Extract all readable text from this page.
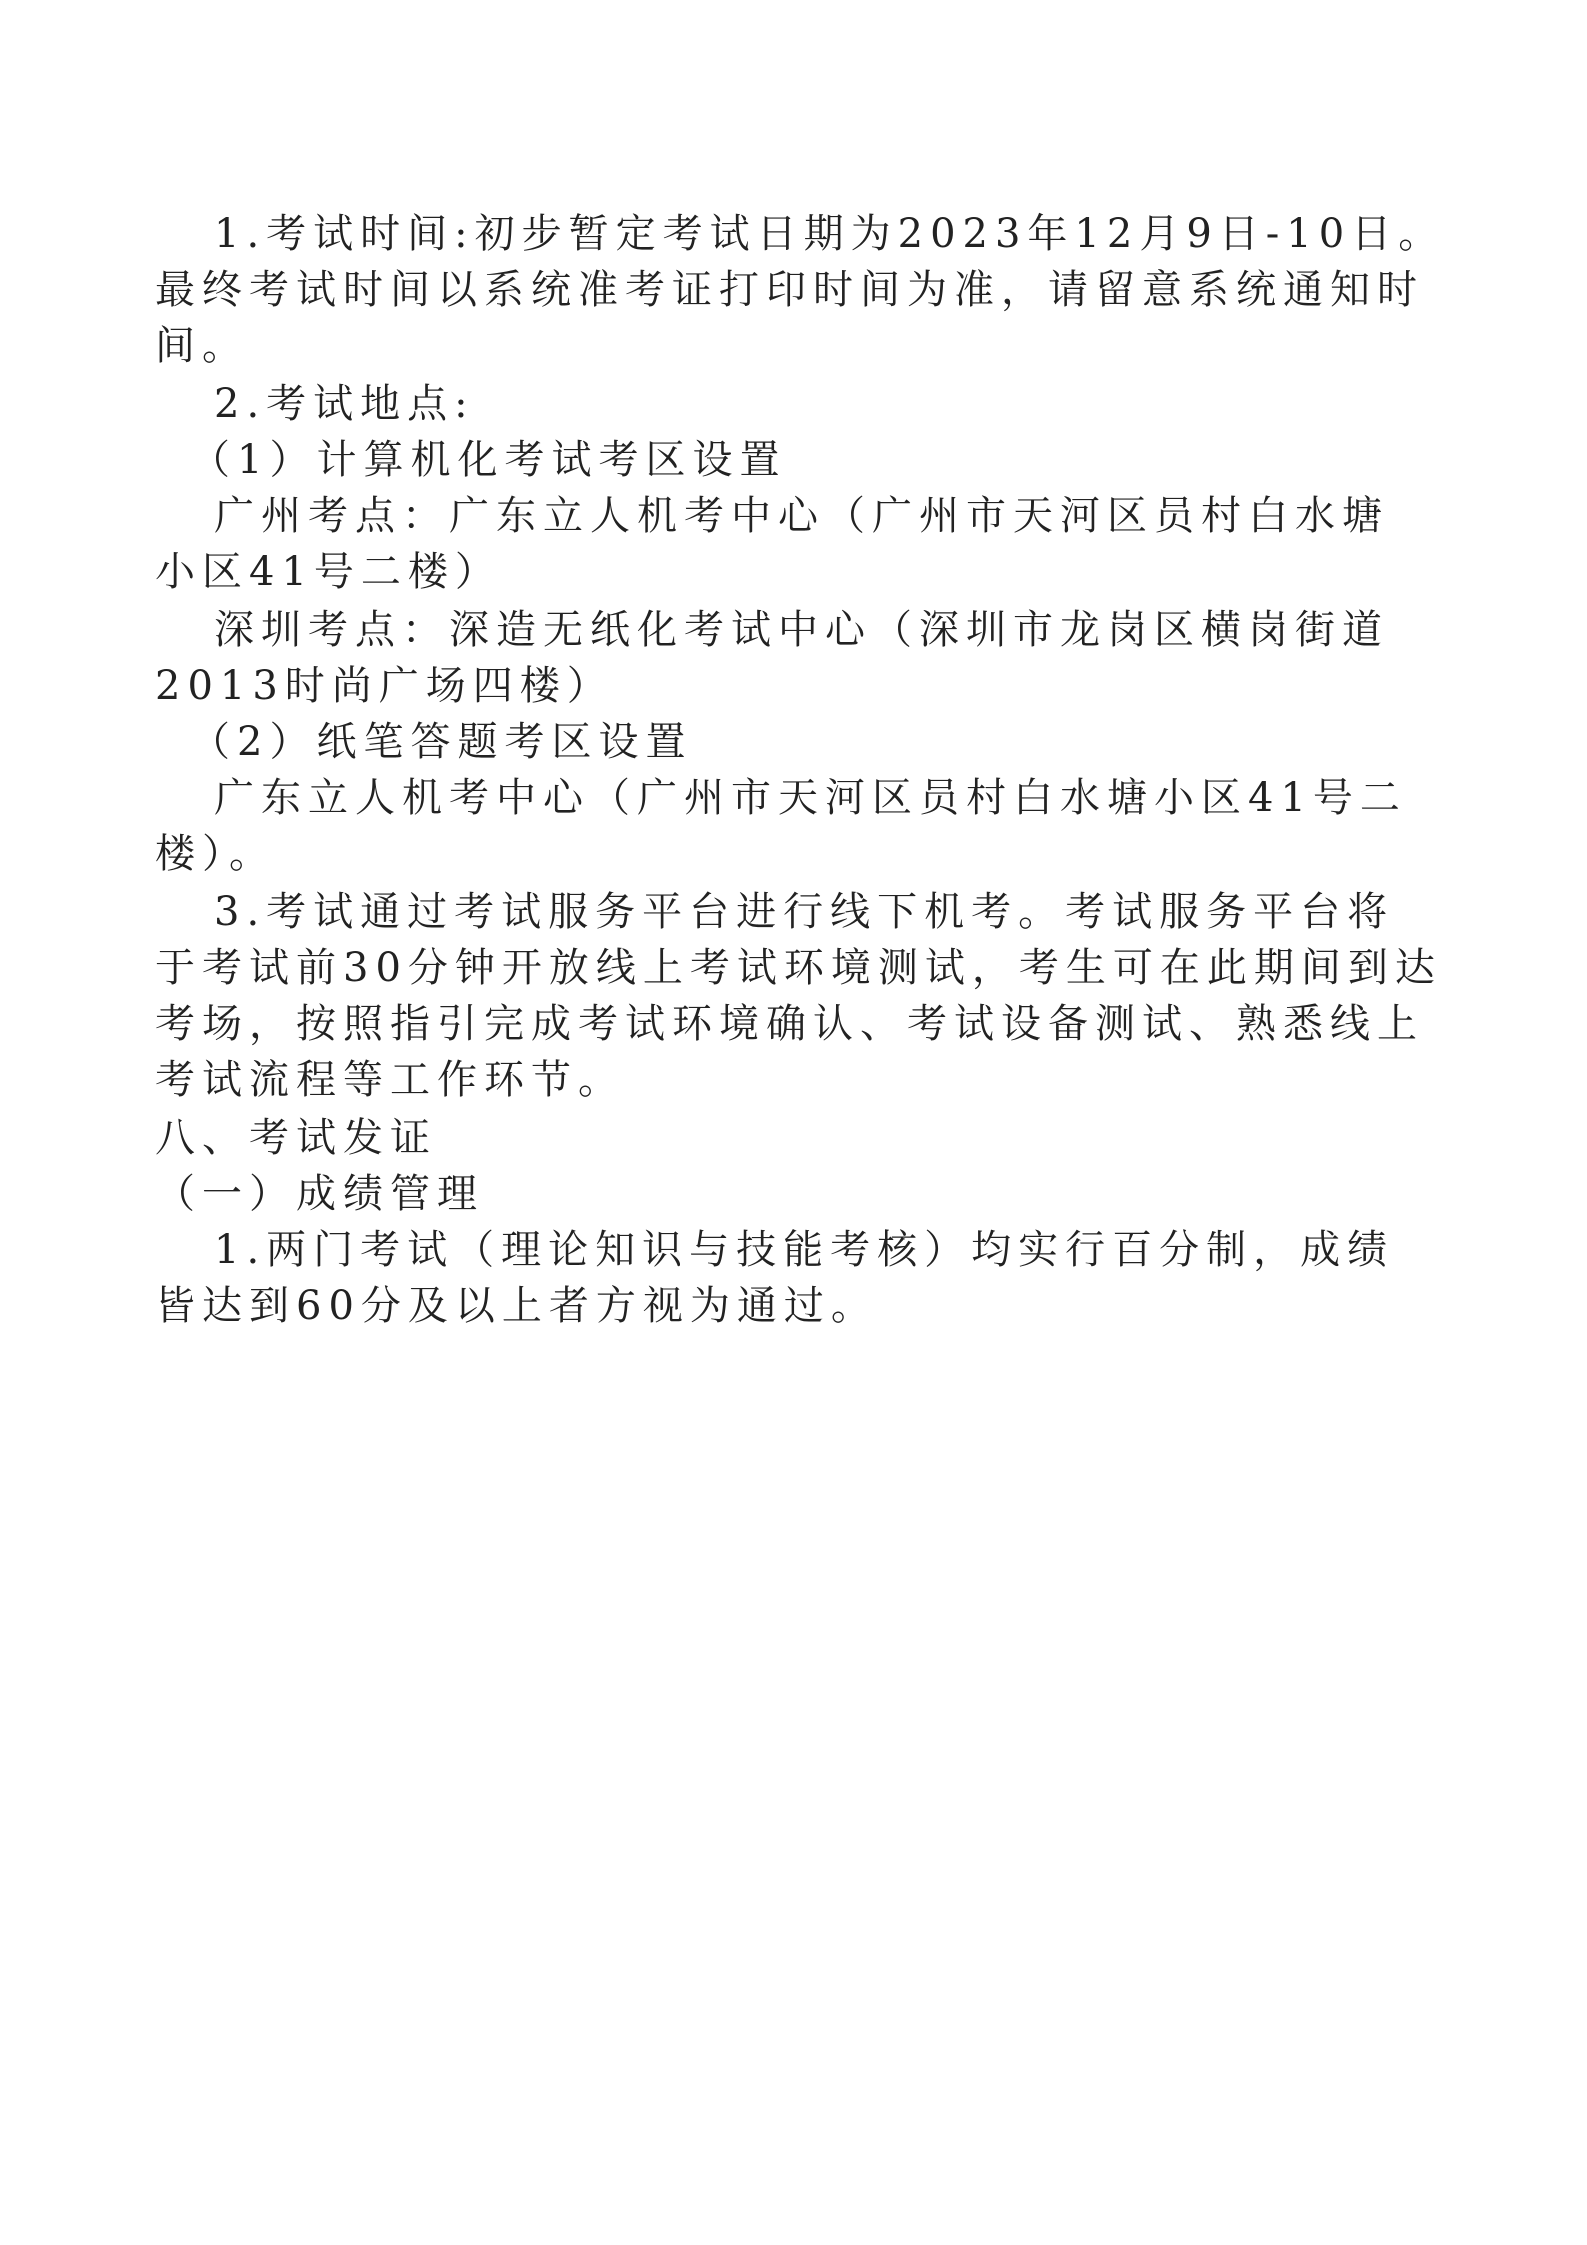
1.考试时间:初步暂定考试日期为2023年12月9日-10日。
最终考试时间以系统准考证打印时间为准，请留意系统通知时
间。
2.考试地点:
（1）计算机化考试考区设置
广州考点：广东立人机考中心（广州市天河区员村白水塘
小区41号二楼）
深圳考点：深造无纸化考试中心（深圳市龙岗区横岗街道
2013时尚广场四楼）
（2）纸笔答题考区设置
广东立人机考中心（广州市天河区员村白水塘小区41号二
楼）。
3.考试通过考试服务平台进行线下机考。考试服务平台将
于考试前30分钟开放线上考试环境测试，考生可在此期间到达
考场，按照指引完成考试环境确认、考试设备测试、熟悉线上
考试流程等工作环节。
八、考试发证
（一）成绩管理
1.两门考试（理论知识与技能考核）均实行百分制，成绩
皆达到60分及以上者方视为通过。
